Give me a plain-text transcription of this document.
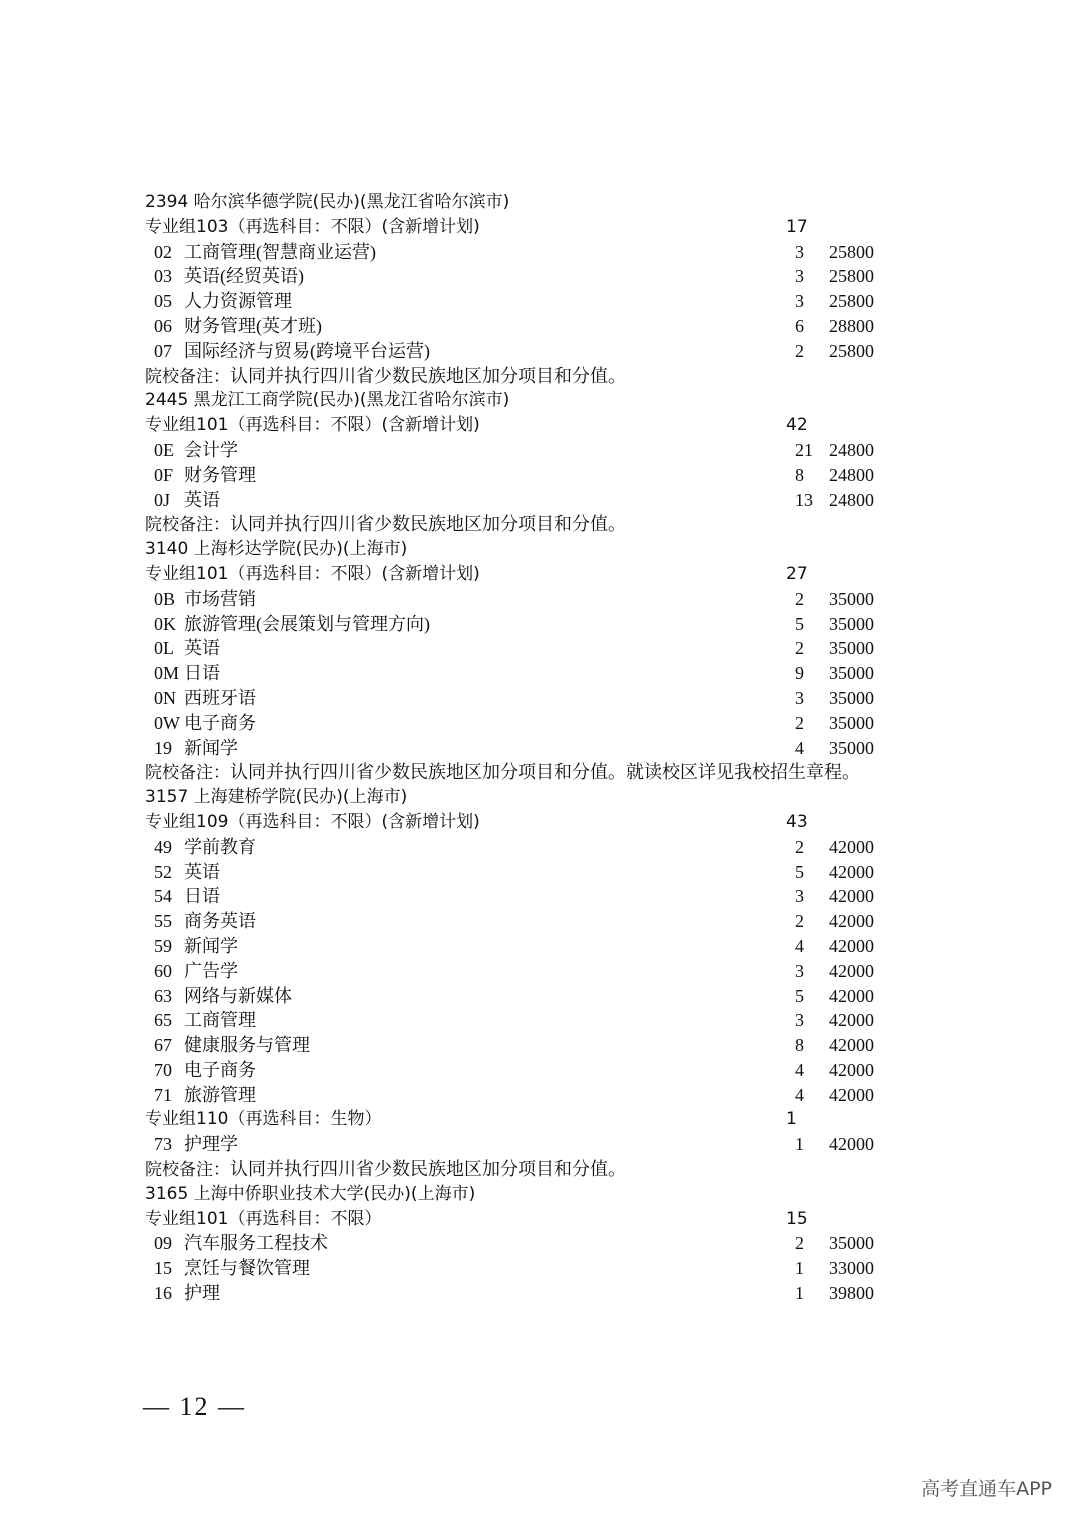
2394 哈尔滨华德学院(民办)(黑龙江省哈尔滨市)
专业组103（再选科目：不限）(含新增计划)	17
02 工商管理(智慧商业运营)	3 25800
03 英语(经贸英语)	3 25800
05 人力资源管理	3 25800
06 财务管理(英才班)	6 28800
07 国际经济与贸易(跨境平台运营)	2 25800
院校备注：认同并执行四川省少数民族地区加分项目和分值。
2445 黑龙江工商学院(民办)(黑龙江省哈尔滨市)
专业组101（再选科目：不限）(含新增计划)	42
0E 会计学	21 24800
0F 财务管理	8 24800
0J 英语	13 24800
院校备注：认同并执行四川省少数民族地区加分项目和分值。
3140 上海杉达学院(民办)(上海市)
专业组101（再选科目：不限）(含新增计划)	27
0B 市场营销	2 35000
0K 旅游管理(会展策划与管理方向)	5 35000
0L 英语	2 35000
0M 日语	9 35000
0N 西班牙语	3 35000
0W 电子商务	2 35000
19 新闻学	4 35000
院校备注：认同并执行四川省少数民族地区加分项目和分值。就读校区详见我校招生章程。
3157 上海建桥学院(民办)(上海市)
专业组109（再选科目：不限）(含新增计划)	43
49 学前教育	2 42000
52 英语	5 42000
54 日语	3 42000
55 商务英语	2 42000
59 新闻学	4 42000
60 广告学	3 42000
63 网络与新媒体	5 42000
65 工商管理	3 42000
67 健康服务与管理	8 42000
70 电子商务	4 42000
71 旅游管理	4 42000
专业组110（再选科目：生物）	1
73 护理学	1 42000
院校备注：认同并执行四川省少数民族地区加分项目和分值。
3165 上海中侨职业技术大学(民办)(上海市)
专业组101（再选科目：不限）	15
09 汽车服务工程技术	2 35000
15 烹饪与餐饮管理	1 33000
16 护理	1 39800
— 12 —
高考直通车APP
